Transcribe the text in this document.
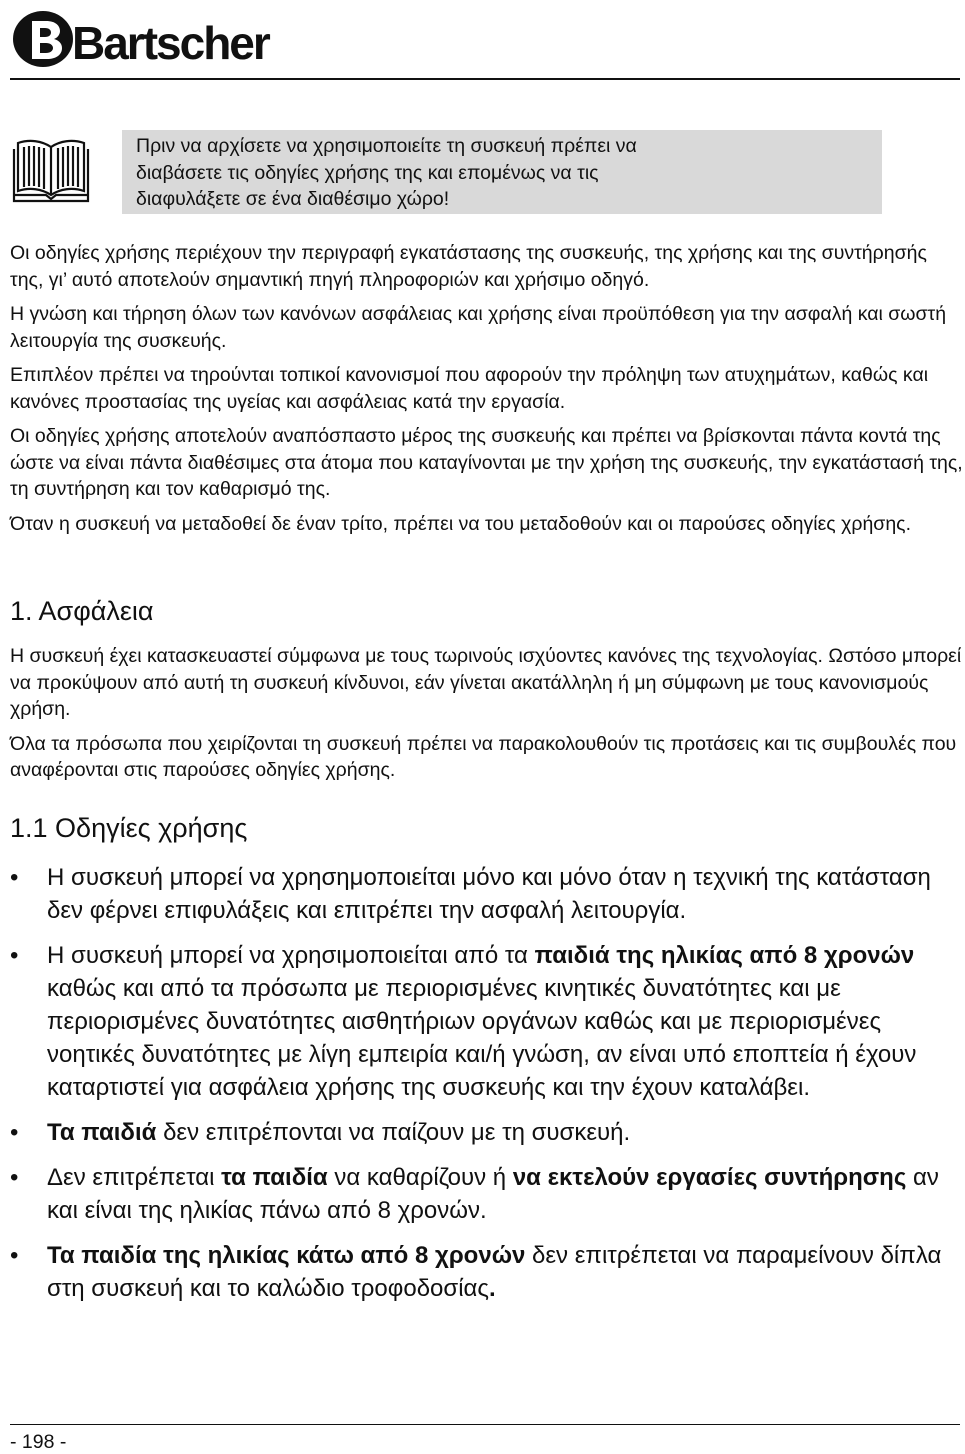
Bartscher
Πριν να αρχίσετε να χρησιμοποιείτε τη συσκευή πρέπει να
διαβάσετε τις οδηγίες χρήσης της και επομένως να τις
διαφυλάξετε σε ένα διαθέσιμο χώρο!

Οι οδηγίες χρήσης περιέχουν την περιγραφή εγκατάστασης της συσκευής, της χρήσης και της συντήρησής της, γι’ αυτό αποτελούν σημαντική πηγή πληροφοριών και χρήσιμο οδηγό.

Η γνώση και τήρηση όλων των κανόνων ασφάλειας και χρήσης είναι προϋπόθεση για την ασφαλή και σωστή λειτουργία της συσκευής.

Επιπλέον πρέπει να τηρούνται τοπικοί κανονισμοί που αφορούν την πρόληψη των ατυχημάτων, καθώς και κανόνες προστασίας της υγείας και ασφάλειας κατά την εργασία.

Οι οδηγίες χρήσης αποτελούν αναπόσπαστο μέρος της συσκευής και πρέπει να βρίσκονται πάντα κοντά της ώστε να είναι πάντα διαθέσιμες στα άτομα που καταγίνονται με την χρήση της συσκευής, την εγκατάστασή της, τη συντήρηση και τον καθαρισμό της.

Όταν η συσκευή να μεταδοθεί δε έναν τρίτο, πρέπει να του μεταδοθούν και οι παρούσες οδηγίες χρήσης.

1. Ασφάλεια

Η συσκευή έχει κατασκευαστεί σύμφωνα με τους τωρινούς ισχύοντες κανόνες της τεχνολογίας. Ωστόσο μπορεί να προκύψουν από αυτή τη συσκευή κίνδυνοι, εάν γίνεται ακατάλληλη ή μη σύμφωνη με τους κανονισμούς χρήση.

Όλα τα πρόσωπα που χειρίζονται τη συσκευή πρέπει να παρακολουθούν τις προτάσεις και τις συμβουλές που αναφέρονται στις παρούσες οδηγίες χρήσης.

1.1 Οδηγίες χρήσης
• Η συσκευή μπορεί να χρησημοποιείται μόνο και μόνο όταν η τεχνική της κατάσταση δεν φέρνει επιφυλάξεις και επιτρέπει την ασφαλή λειτουργία.
• Η συσκευή μπορεί να χρησιμοποιείται από τα παιδιά της ηλικίας από 8 χρονών καθώς και από τα πρόσωπα με περιορισμένες κινητικές δυνατότητες και με περιορισμένες δυνατότητες αισθητήριων οργάνων καθώς και με περιορισμένες νοητικές δυνατότητες με λίγη εμπειρία και/ή γνώση, αν είναι υπό εποπτεία ή έχουν καταρτιστεί για ασφάλεια χρήσης της συσκευής και την έχουν καταλάβει.
• Τα παιδιά δεν επιτρέπονται να παίζουν με τη συσκευή.
• Δεν επιτρέπεται τα παιδία να καθαρίζουν ή να εκτελούν εργασίες συντήρησης αν και είναι της ηλικίας πάνω από 8 χρονών.
• Τα παιδία της ηλικίας κάτω από 8 χρονών δεν επιτρέπεται να παραμείνουν δίπλα στη συσκευή και το καλώδιο τροφοδοσίας.
- 198 -
